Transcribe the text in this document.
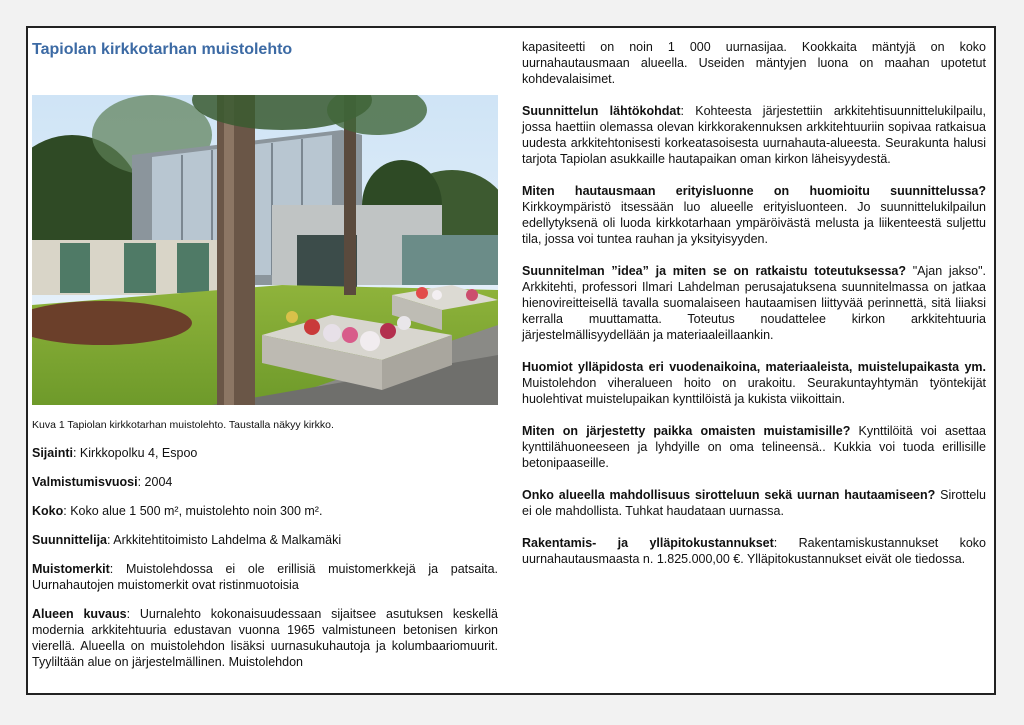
Tapiolan kirkkotarhan muistolehto
Kuva 1 Tapiolan kirkkotarhan muistolehto. Taustalla näkyy kirkko.

Sijainti: Kirkkopolku 4, Espoo

Valmistumisvuosi: 2004

Koko: Koko alue 1 500 m², muistolehto noin 300 m².

Suunnittelija: Arkkitehtitoimisto Lahdelma & Malkamäki

Muistomerkit: Muistolehdossa ei ole erillisiä muistomerkkejä ja patsaita. Uurnahautojen muistomerkit ovat ristinmuotoisia

Alueen kuvaus: Uurnalehto kokonaisuudessaan sijaitsee asutuksen keskellä modernia arkkitehtuuria edustavan vuonna 1965 valmistuneen betonisen kirkon vierellä. Alueella on muistolehdon lisäksi uurnasukuhautoja ja kolumbaariomuurit. Tyyliltään alue on järjestelmällinen. Muistolehdon

kapasiteetti on noin 1 000 uurnasijaa. Kookkaita mäntyjä on koko uurnahautausmaan alueella. Useiden mäntyjen luona on maahan upotetut kohdevalaisimet.

Suunnittelun lähtökohdat: Kohteesta järjestettiin arkkitehtisuunnittelukilpailu, jossa haettiin olemassa olevan kirkkorakennuksen arkkitehtuuriin sopivaa ratkaisua uudesta arkkitehtonisesti korkeatasoisesta uurnahauta-alueesta. Seurakunta halusi tarjota Tapiolan asukkaille hautapaikan oman kirkon läheisyydestä.

Miten hautausmaan erityisluonne on huomioitu suunnittelussa? Kirkkoympäristö itsessään luo alueelle erityisluonteen. Jo suunnittelukilpailun edellytyksenä oli luoda kirkkotarhaan ympäröivästä melusta ja liikenteestä suljettu tila, jossa voi tuntea rauhan ja yksityisyyden.

Suunnitelman ”idea” ja miten se on ratkaistu toteutuksessa? "Ajan jakso". Arkkitehti, professori Ilmari Lahdelman perusajatuksena suunnitelmassa on jatkaa hienovireitteisellä tavalla suomalaiseen hautaamisen liittyvää perinnettä, sitä liiaksi kerralla muuttamatta. Toteutus noudattelee kirkon arkkitehtuuria järjestelmällisyydellään ja materiaaleillaankin.

Huomiot ylläpidosta eri vuodenaikoina, materiaaleista, muistelupaikasta ym. Muistolehdon viheralueen hoito on urakoitu. Seurakuntayhtymän työntekijät huolehtivat muistelupaikan kynttilöistä ja kukista viikoittain.

Miten on järjestetty paikka omaisten muistamisille? Kynttilöitä voi asettaa kynttilähuoneeseen ja lyhdyille on oma telineensä.. Kukkia voi tuoda erillisille betonipaaseille.

Onko alueella mahdollisuus sirotteluun sekä uurnan hautaamiseen? Sirottelu ei ole mahdollista. Tuhkat haudataan uurnassa.

Rakentamis- ja ylläpitokustannukset: Rakentamiskustannukset koko uurnahautausmaasta n. 1.825.000,00 €. Ylläpitokustannukset eivät ole tiedossa.
